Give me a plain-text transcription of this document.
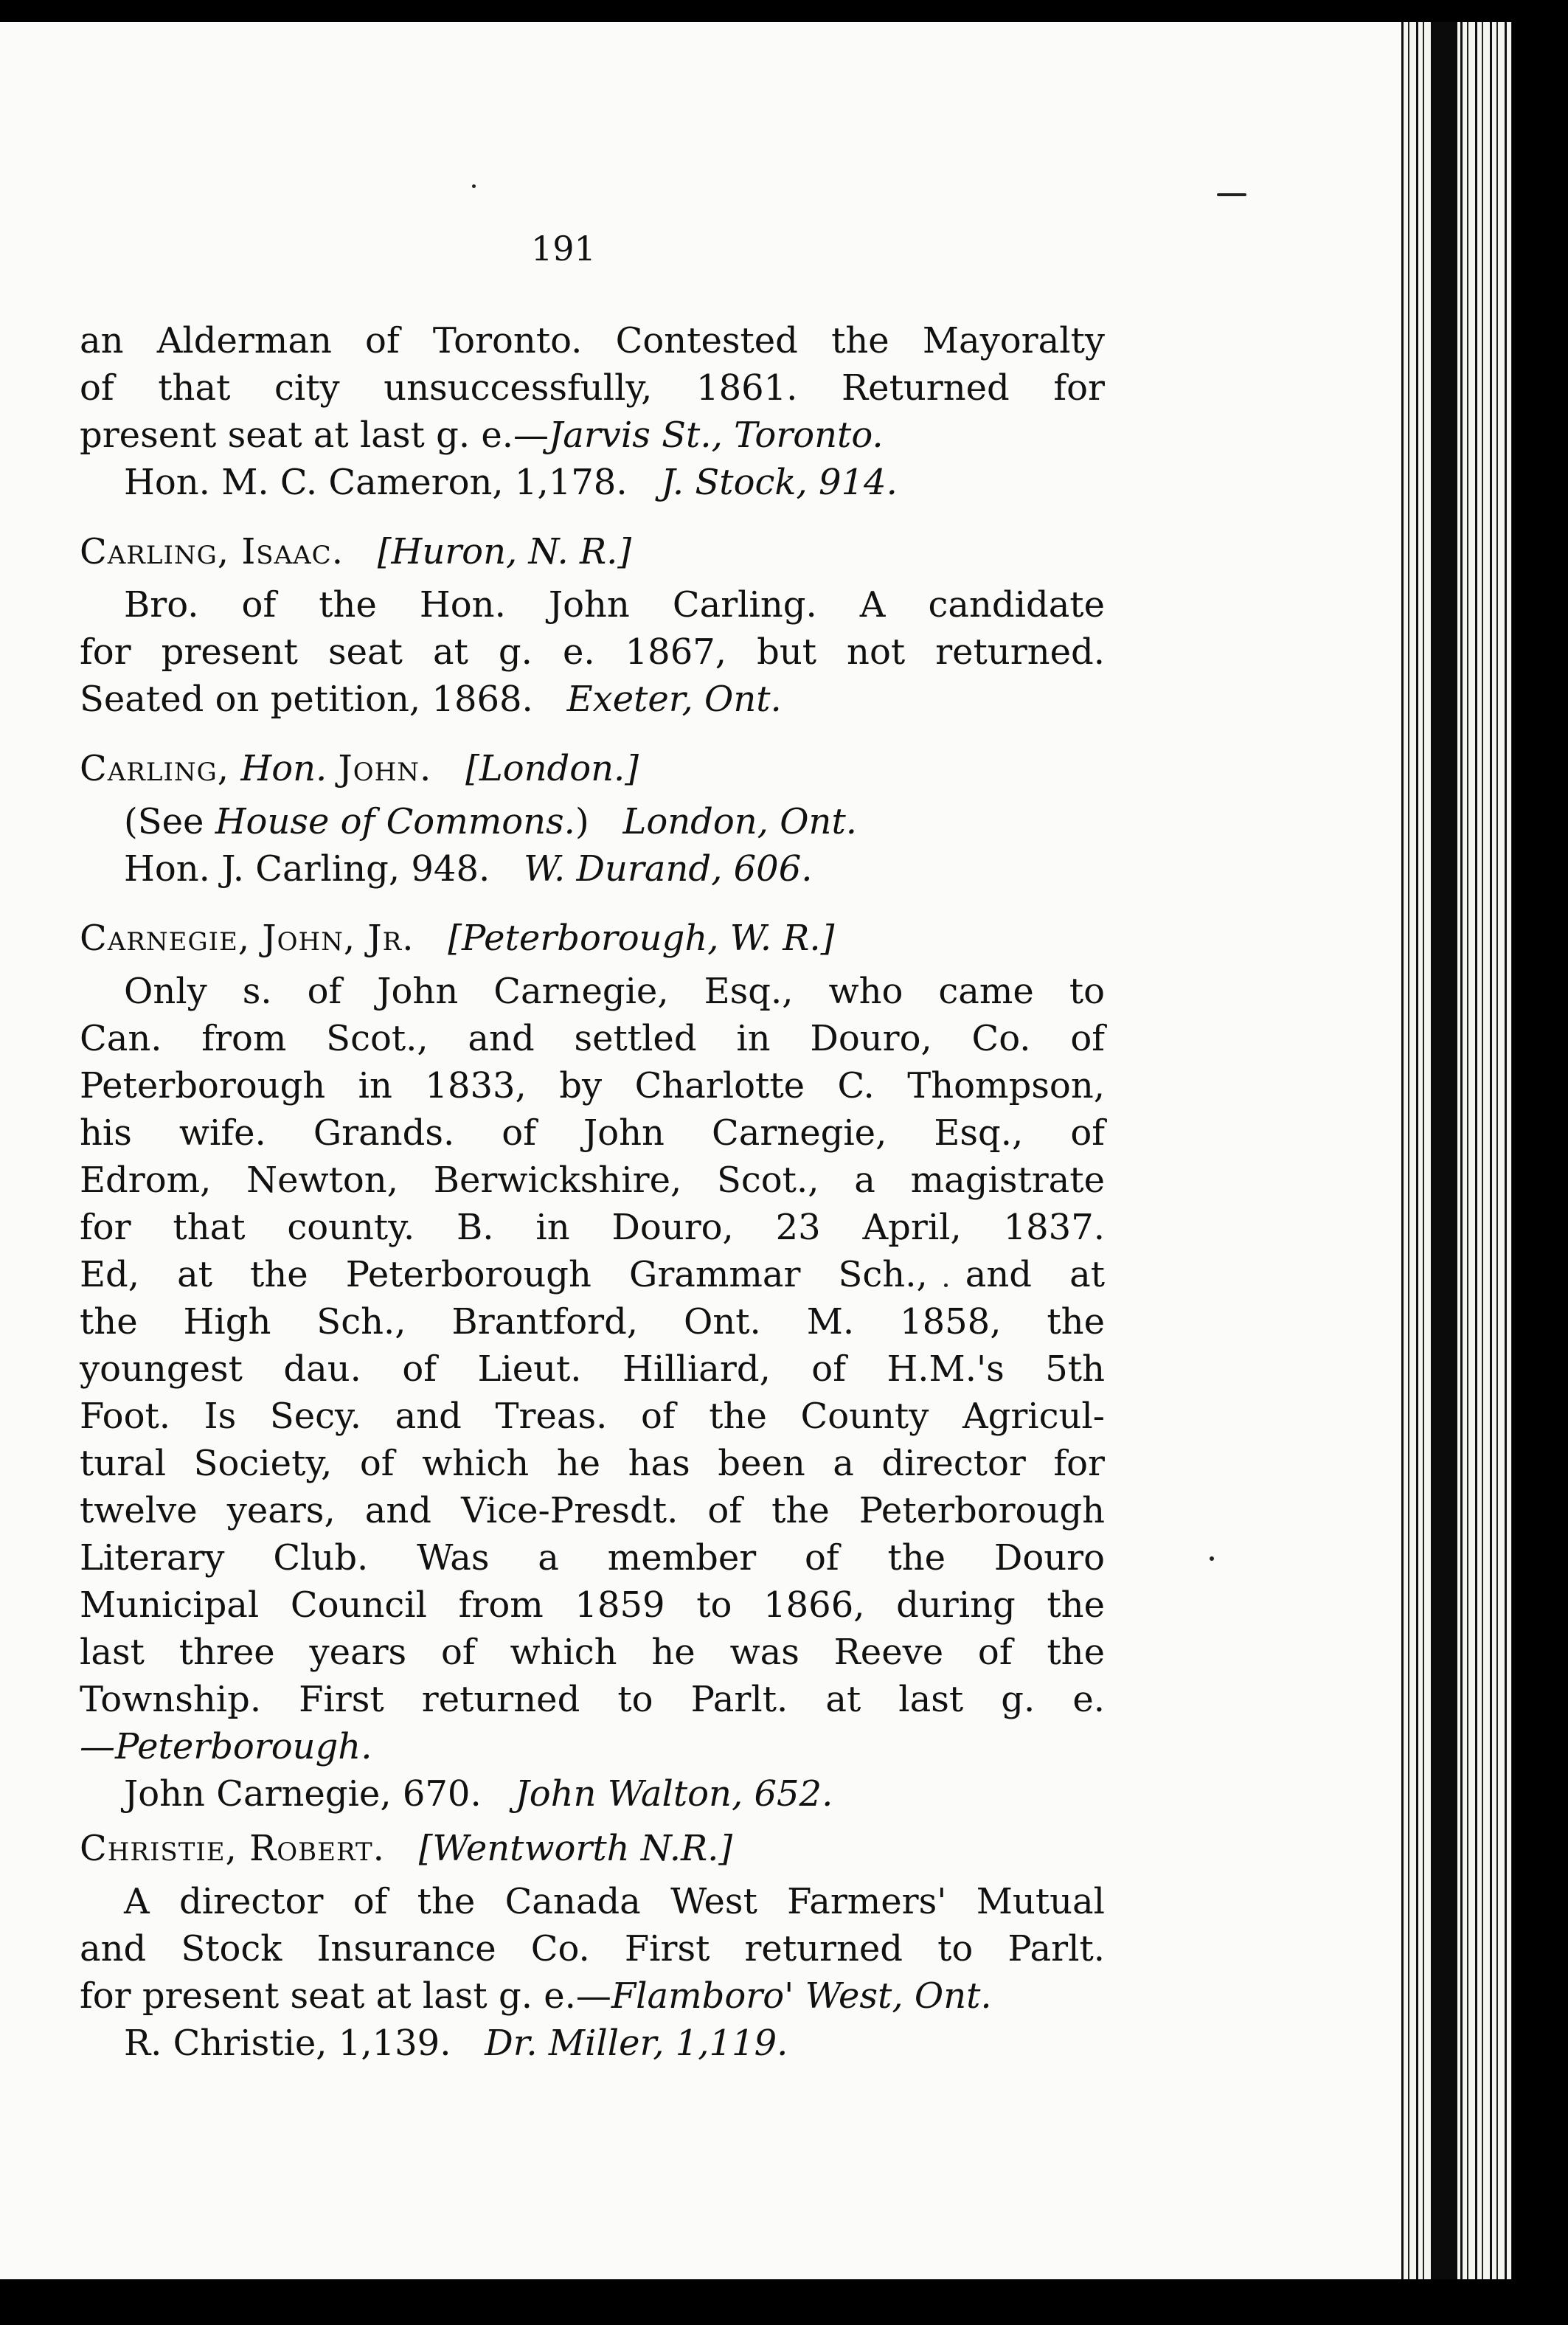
191
an Alderman of Toronto. Contested the Mayoralty
of that city unsuccessfully, 1861. Returned for
present seat at last g. e.—Jarvis St., Toronto.
Hon. M. C. Cameron, 1,178. J. Stock, 914.
Carling, Isaac. [Huron, N. R.]
Bro. of the Hon. John Carling. A candidate
for present seat at g. e. 1867, but not returned.
Seated on petition, 1868. Exeter, Ont.
Carling, Hon. John. [London.]
(See House of Commons.) London, Ont.
Hon. J. Carling, 948. W. Durand, 606.
Carnegie, John, Jr. [Peterborough, W. R.]
Only s. of John Carnegie, Esq., who came to
Can. from Scot., and settled in Douro, Co. of
Peterborough in 1833, by Charlotte C. Thompson,
his wife. Grands. of John Carnegie, Esq., of
Edrom, Newton, Berwickshire, Scot., a magistrate
for that county. B. in Douro, 23 April, 1837.
Ed, at the Peterborough Grammar Sch., and at
the High Sch., Brantford, Ont. M. 1858, the
youngest dau. of Lieut. Hilliard, of H.M.'s 5th
Foot. Is Secy. and Treas. of the County Agricul-
tural Society, of which he has been a director for
twelve years, and Vice-Presdt. of the Peterborough
Literary Club. Was a member of the Douro
Municipal Council from 1859 to 1866, during the
last three years of which he was Reeve of the
Township. First returned to Parlt. at last g. e.
—Peterborough.
John Carnegie, 670. John Walton, 652.
Christie, Robert. [Wentworth N.R.]
A director of the Canada West Farmers' Mutual
and Stock Insurance Co. First returned to Parlt.
for present seat at last g. e.—Flamboro' West, Ont.
R. Christie, 1,139. Dr. Miller, 1,119.
